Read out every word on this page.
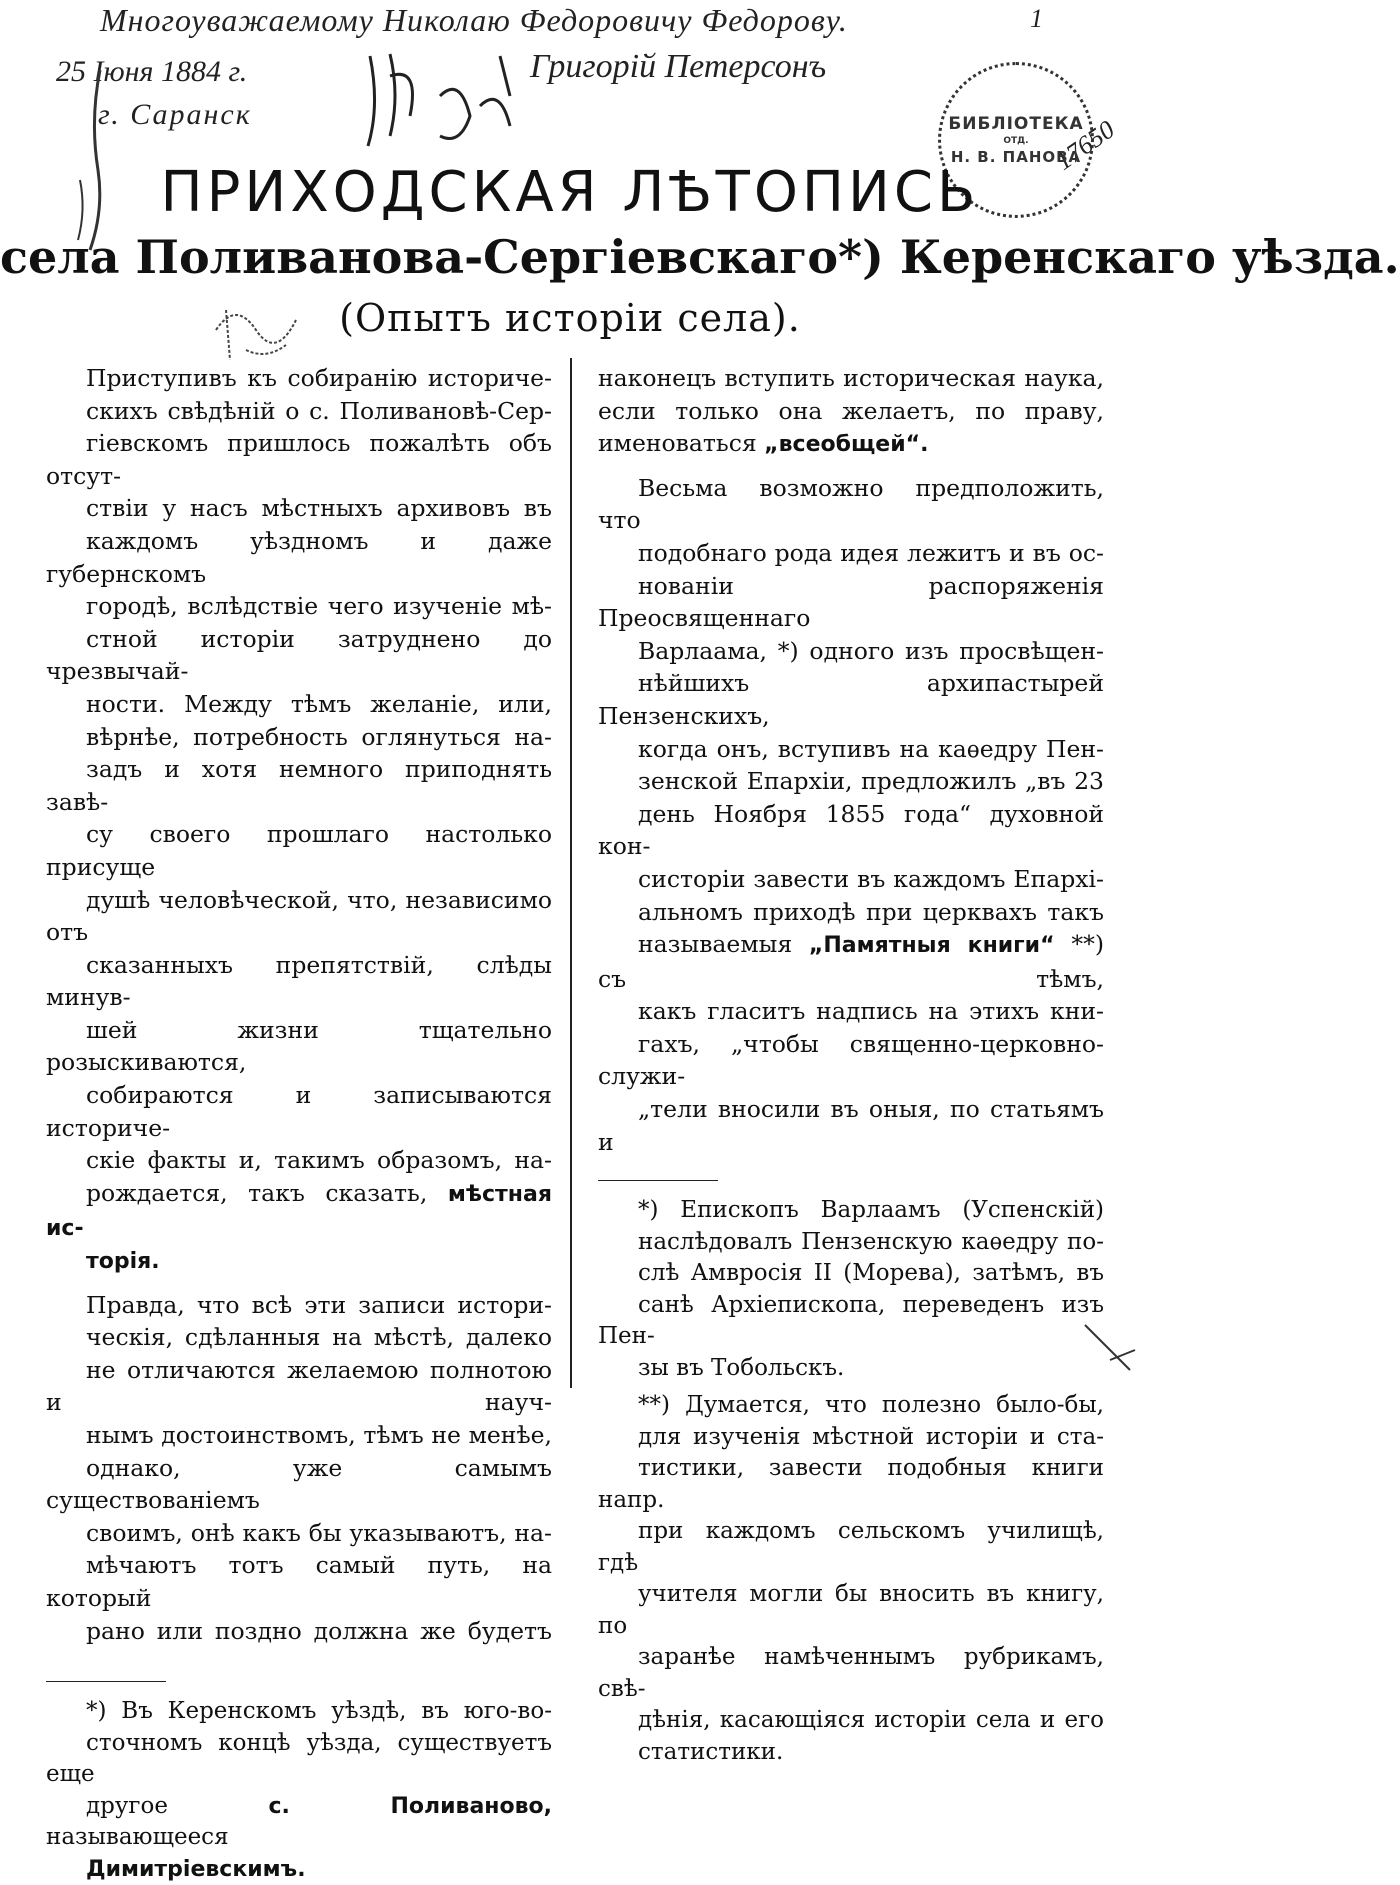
Многоуважаемому Николаю Федоровичу Федорову.
25 Іюня 1884 г.	Григорій Петерсонъ
г. Саранск
1
17650
БИБЛІОТЕКА
ОТД.
Н. В. ПАНОВА
ПРИХОДСКАЯ ЛѢТОПИСЬ
села Поливанова-Сергіевскаго*) Керенскаго уѣзда.
(Опытъ исторіи села).

Приступивъ къ собиранію историче-
скихъ свѣдѣній о с. Поливановѣ-Сер-
гіевскомъ пришлось пожалѣть объ отсут-
ствіи у насъ мѣстныхъ архивовъ въ
каждомъ уѣздномъ и даже губернскомъ
городѣ, вслѣдствіе чего изученіе мѣ-
стной исторіи затруднено до чрезвычай-
ности. Между тѣмъ желаніе, или,
вѣрнѣе, потребность оглянуться на-
задъ и хотя немного приподнять завѣ-
су своего прошлаго настолько присуще
душѣ человѣческой, что, независимо отъ
сказанныхъ препятствій, слѣды минув-
шей жизни тщательно розыскиваются,
собираются и записываются историче-
скіе факты и, такимъ образомъ, на-
рождается, такъ сказать, мѣстная ис-
торія.

Правда, что всѣ эти записи истори-
ческія, сдѣланныя на мѣстѣ, далеко
не отличаются желаемою полнотою и науч-
нымъ достоинствомъ, тѣмъ не менѣе,
однако, уже самымъ существованіемъ
своимъ, онѣ какъ бы указываютъ, на-
мѣчаютъ тотъ самый путь, на который
рано или поздно должна же будетъ

*) Въ Керенскомъ уѣздѣ, въ юго-во-
сточномъ концѣ уѣзда, существуетъ еще
другое	с.	Поливаново, называющееся
Димитріевскимъ.

наконецъ вступить историческая наука,
если только она желаетъ, по праву,
именоваться „всеобщей“.

Весьма возможно предположить, что
подобнаго рода идея лежитъ и въ ос-
нованіи распоряженія Преосвященнаго
Варлаама, *) одного изъ просвѣщен-
нѣйшихъ архипастырей Пензенскихъ,
когда онъ, вступивъ на каѳедру Пен-
зенской Епархіи, предложилъ „въ 23
день Ноября 1855 года“ духовной кон-
систоріи завести въ каждомъ Епархі-
альномъ приходѣ при церквахъ такъ
называемыя „Памятныя книги“ **) съ тѣмъ,
какъ гласитъ надпись на этихъ кни-
гахъ, „чтобы священно-церковно-служи-
„тели вносили въ оныя, по статьямъ и

*) Епископъ Варлаамъ (Успенскій)
наслѣдовалъ Пензенскую каѳедру по-
слѣ Амвросія II (Морева), затѣмъ, въ
санѣ Архіепископа, переведенъ изъ Пен-
зы въ Тобольскъ.

**) Думается, что полезно было-бы,
для изученія мѣстной исторіи и ста-
тистики, завести подобныя книги напр.
при каждомъ сельскомъ училищѣ, гдѣ
учителя могли бы вносить въ книгу, по
заранѣе намѣченнымъ рубрикамъ, свѣ-
дѣнія, касающіяся исторіи села и его
статистики.
